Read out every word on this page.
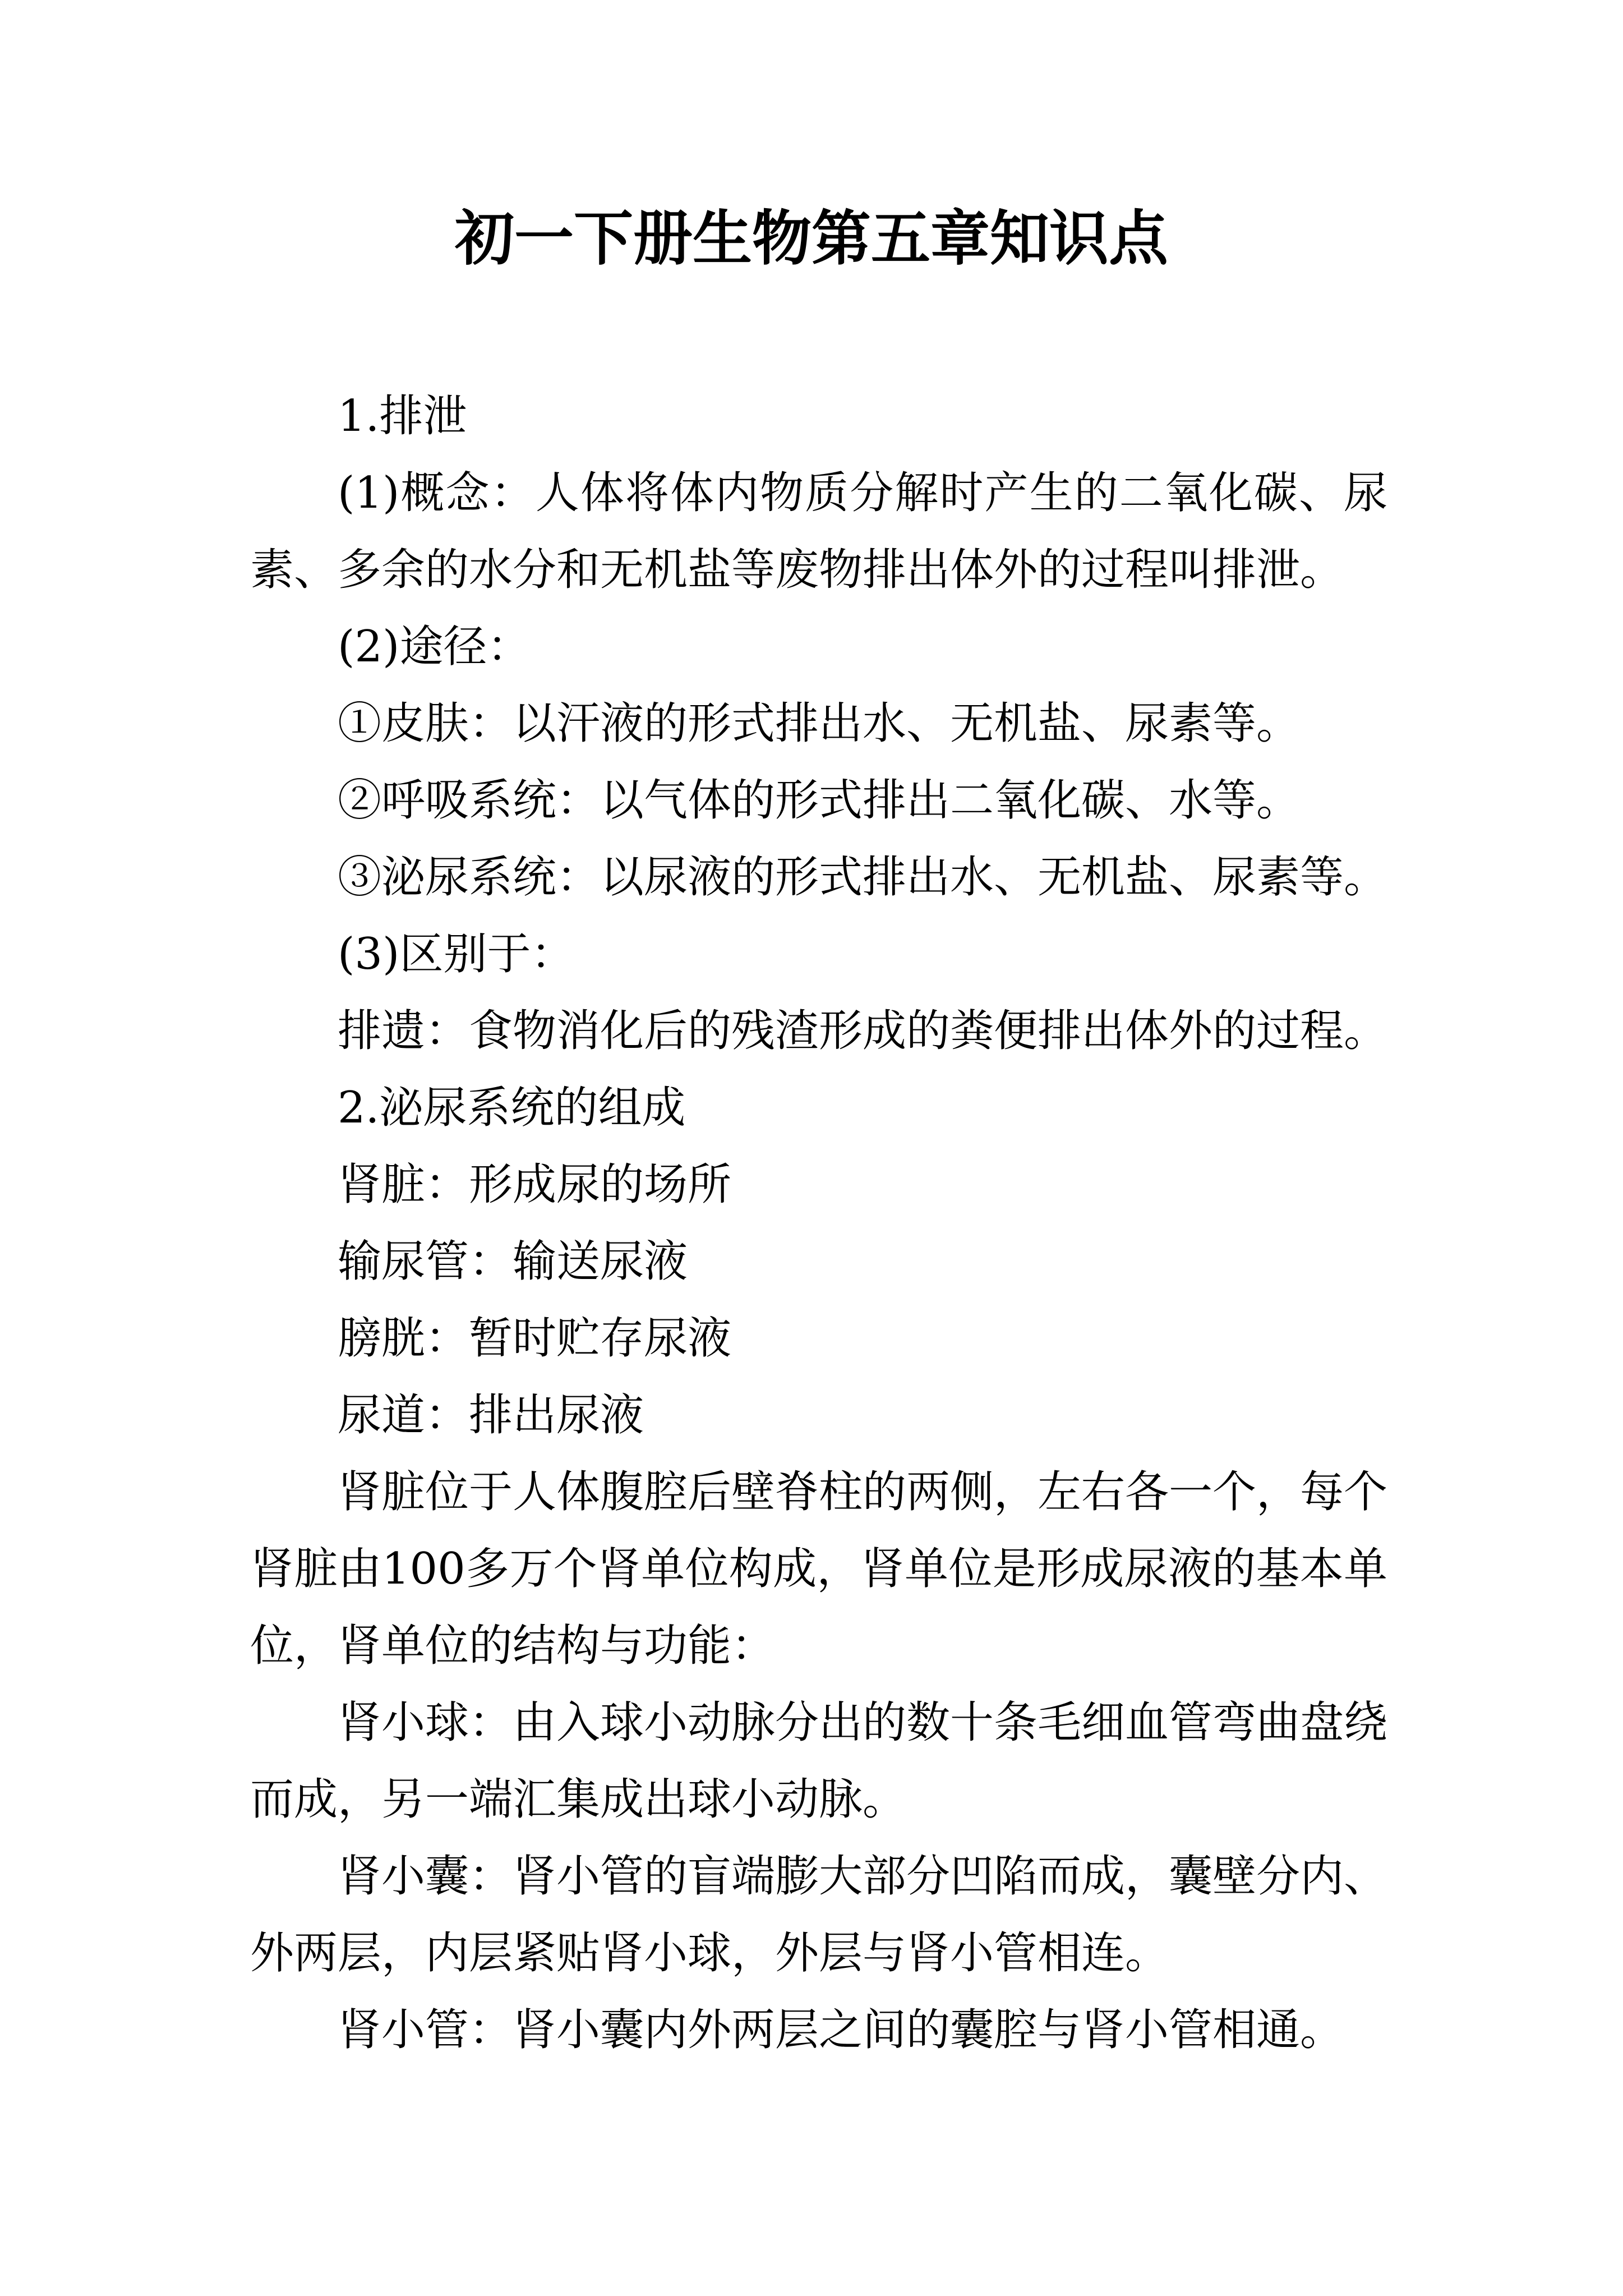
初一下册生物第五章知识点
1.排泄
(1)概念：人体将体内物质分解时产生的二氧化碳、尿
素、多余的水分和无机盐等废物排出体外的过程叫排泄。
(2)途径：
①皮肤：以汗液的形式排出水、无机盐、尿素等。
②呼吸系统：以气体的形式排出二氧化碳、水等。
③泌尿系统：以尿液的形式排出水、无机盐、尿素等。
(3)区别于：
排遗：食物消化后的残渣形成的粪便排出体外的过程。
2.泌尿系统的组成
肾脏：形成尿的场所
输尿管：输送尿液
膀胱：暂时贮存尿液
尿道：排出尿液
肾脏位于人体腹腔后壁脊柱的两侧，左右各一个，每个
肾脏由100多万个肾单位构成，肾单位是形成尿液的基本单
位，肾单位的结构与功能：
肾小球：由入球小动脉分出的数十条毛细血管弯曲盘绕
而成，另一端汇集成出球小动脉。
肾小囊：肾小管的盲端膨大部分凹陷而成，囊壁分内、
外两层，内层紧贴肾小球，外层与肾小管相连。
肾小管：肾小囊内外两层之间的囊腔与肾小管相通。
